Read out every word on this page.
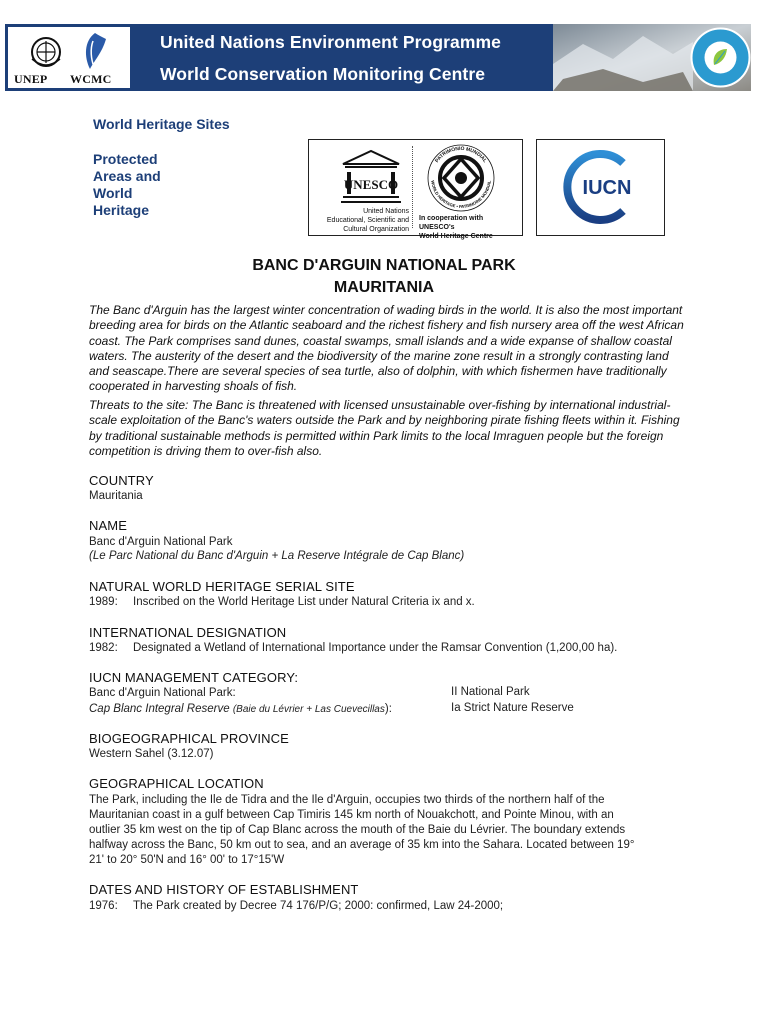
UNEP WCMC
United Nations Environment Programme
World Conservation Monitoring Centre
World Heritage Sites
Protected
Areas and
World
Heritage
UNESCO
United Nations
Educational, Scientific and
Cultural Organization
PATRIMONIO MUNDIAL
WORLD HERITAGE • PATRIMOINE MONDIAL
In cooperation with UNESCO's
World Heritage Centre
IUCN
BANC D'ARGUIN NATIONAL PARK
MAURITANIA
The Banc d'Arguin has the largest winter concentration of wading birds in the world. It is also the most important breeding area for birds on the Atlantic seaboard and the richest fishery and fish nursery area off the west African coast. The Park comprises sand dunes, coastal swamps, small islands and a wide expanse of shallow coastal waters. The austerity of the desert and the biodiversity of the marine zone result in a strongly contrasting land and seascape.There are several species of sea turtle, also of dolphin, with which fishermen have traditionally cooperated in harvesting shoals of fish.
Threats to the site: The Banc is threatened with licensed unsustainable over-fishing by international industrial-scale exploitation of the Banc's waters outside the Park and by neighboring pirate fishing fleets within it. Fishing by traditional sustainable methods is permitted within Park limits to the local Imraguen people but the foreign competition is driving them to over-fish also.
COUNTRY
Mauritania
NAME
Banc d'Arguin National Park
(Le Parc National du Banc d'Arguin + La Reserve Intégrale de Cap Blanc)
NATURAL WORLD HERITAGE SERIAL SITE
1989: Inscribed on the World Heritage List under Natural Criteria ix and x.
INTERNATIONAL DESIGNATION
1982: Designated a Wetland of International Importance under the Ramsar Convention (1,200,00 ha).
IUCN MANAGEMENT CATEGORY:
Banc d'Arguin National Park:	II National Park
Cap Blanc Integral Reserve (Baie du Lévrier + Las Cuevecillas):	Ia Strict Nature Reserve
BIOGEOGRAPHICAL PROVINCE
Western Sahel (3.12.07)
GEOGRAPHICAL LOCATION
The Park, including the Ile de Tidra and the Ile d'Arguin, occupies two thirds of the northern half of the
Mauritanian coast in a gulf between Cap Timiris 145 km north of Nouakchott, and Pointe Minou, with an
outlier 35 km west on the tip of Cap Blanc across the mouth of the Baie du Lévrier. The boundary extends
halfway across the Banc, 50 km out to sea, and an average of 35 km into the Sahara. Located between 19°
21' to 20° 50'N and 16° 00' to 17°15'W
DATES AND HISTORY OF ESTABLISHMENT
1976: The Park created by Decree 74 176/P/G; 2000: confirmed, Law 24-2000;
